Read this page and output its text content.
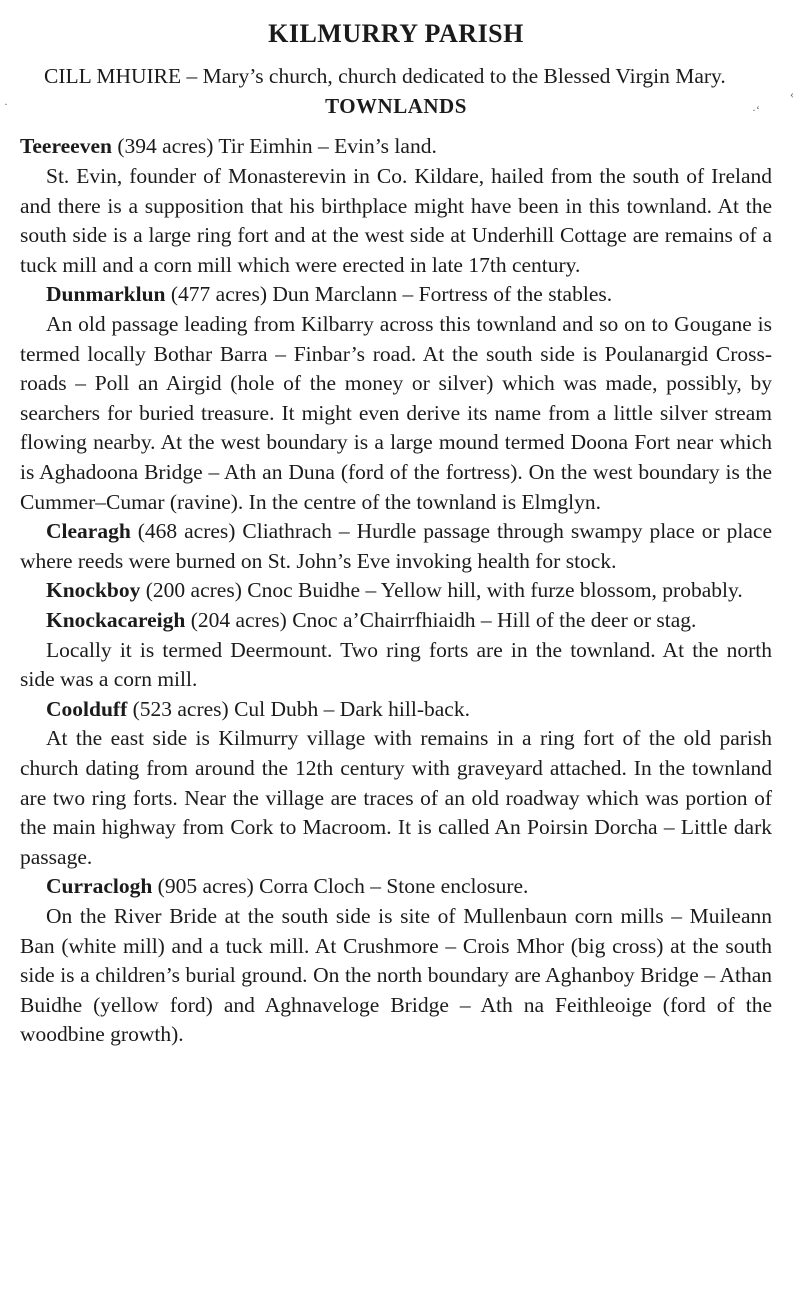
·	·‘
‹
KILMURRY PARISH

CILL MHUIRE – Mary’s church, church dedicated to the Blessed Virgin Mary.

TOWNLANDS

Teereeven (394 acres) Tir Eimhin – Evin’s land.

St. Evin, founder of Monasterevin in Co. Kildare, hailed from the south of Ireland and there is a supposition that his birthplace might have been in this townland. At the south side is a large ring fort and at the west side at Underhill Cottage are remains of a tuck mill and a corn mill which were erected in late 17th century.

Dunmarklun (477 acres) Dun Marclann – Fortress of the stables.

An old passage leading from Kilbarry across this townland and so on to Gougane is termed locally Bothar Barra – Finbar’s road. At the south side is Poulanargid Cross-roads – Poll an Airgid (hole of the money or silver) which was made, possibly, by searchers for buried treasure. It might even derive its name from a little silver stream flowing nearby. At the west boundary is a large mound termed Doona Fort near which is Aghadoona Bridge – Ath an Duna (ford of the fortress). On the west boundary is the Cummer–Cumar (ravine). In the centre of the townland is Elmglyn.

Clearagh (468 acres) Cliathrach – Hurdle passage through swampy place or place where reeds were burned on St. John’s Eve invoking health for stock.

Knockboy (200 acres) Cnoc Buidhe – Yellow hill, with furze blossom, probably.

Knockacareigh (204 acres) Cnoc a’Chairrfhiaidh – Hill of the deer or stag.

Locally it is termed Deermount. Two ring forts are in the townland. At the north side was a corn mill.

Coolduff (523 acres) Cul Dubh – Dark hill-back.

At the east side is Kilmurry village with remains in a ring fort of the old parish church dating from around the 12th century with graveyard attached. In the townland are two ring forts. Near the village are traces of an old roadway which was portion of the main highway from Cork to Macroom. It is called An Poirsin Dorcha – Little dark passage.

Curraclogh (905 acres) Corra Cloch – Stone enclosure.

On the River Bride at the south side is site of Mullenbaun corn mills – Muileann Ban (white mill) and a tuck mill. At Crushmore – Crois Mhor (big cross) at the south side is a children’s burial ground. On the north boundary are Aghanboy Bridge – Athan Buidhe (yellow ford) and Aghnaveloge Bridge – Ath na Feithleoige (ford of the woodbine growth).
